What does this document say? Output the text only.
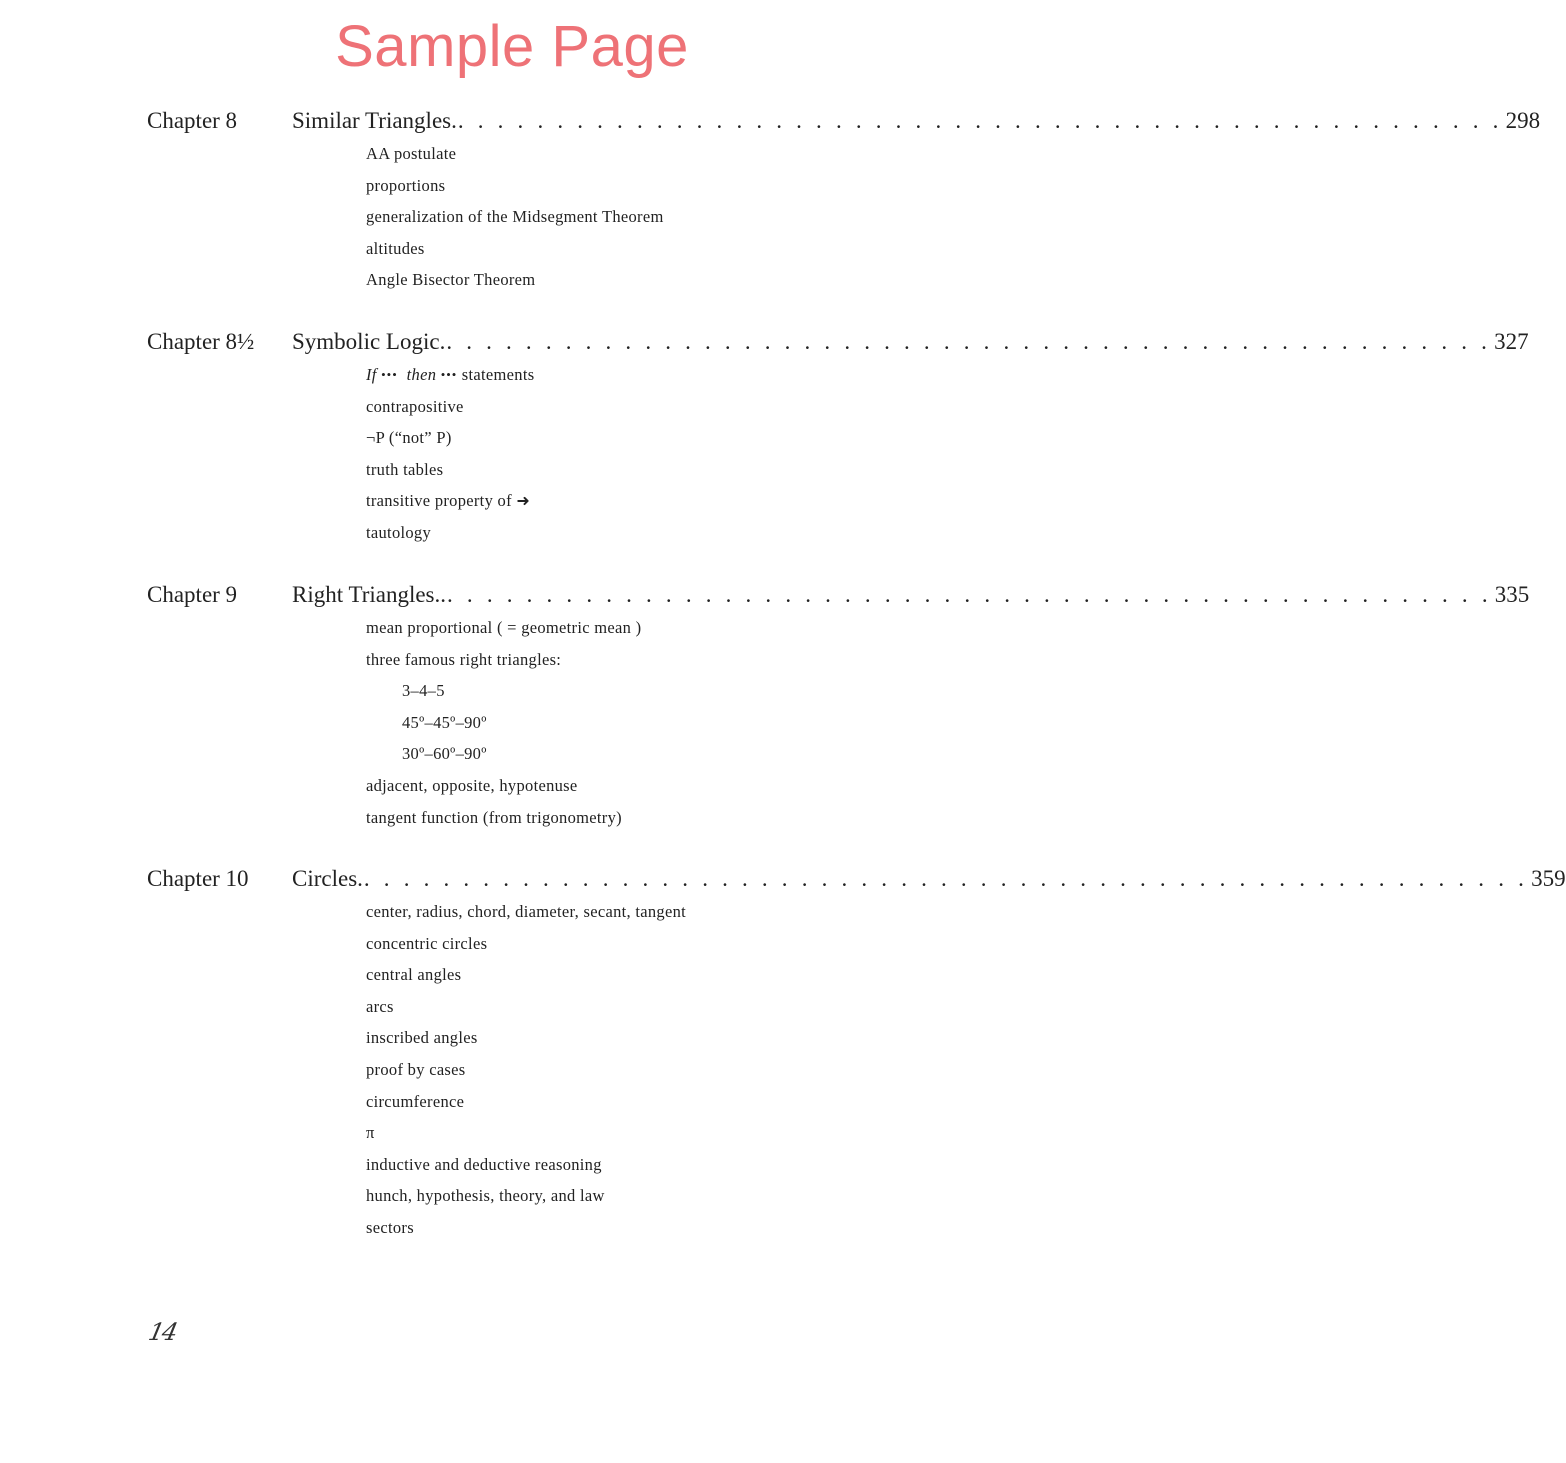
Sample Page
Chapter 8 Similar Triangles. . . . . . . . . . . . . . . . . . . . . . . . . . . . . . . . . . . . . . . . . . . . . . . . . . . . . . 298
AA postulate
proportions
generalization of the Midsegment Theorem
altitudes
Angle Bisector Theorem
Chapter 8½ Symbolic Logic. . . . . . . . . . . . . . . . . . . . . . . . . . . . . . . . . . . . . . . . . . . . . . . . . . . . . . 327
If ••• then ••• statements
contrapositive
¬P (“not” P)
truth tables
transitive property of ➜
tautology
Chapter 9 Right Triangles.. . . . . . . . . . . . . . . . . . . . . . . . . . . . . . . . . . . . . . . . . . . . . . . . . . . . . . 335
mean proportional ( = geometric mean )
three famous right triangles:
3–4–5
45º–45º–90º
30º–60º–90º
adjacent, opposite, hypotenuse
tangent function (from trigonometry)
Chapter 10 Circles. . . . . . . . . . . . . . . . . . . . . . . . . . . . . . . . . . . . . . . . . . . . . . . . . . . . . . . . . . . . 359
center, radius, chord, diameter, secant, tangent
concentric circles
central angles
arcs
inscribed angles
proof by cases
circumference
π
inductive and deductive reasoning
hunch, hypothesis, theory, and law
sectors
14
